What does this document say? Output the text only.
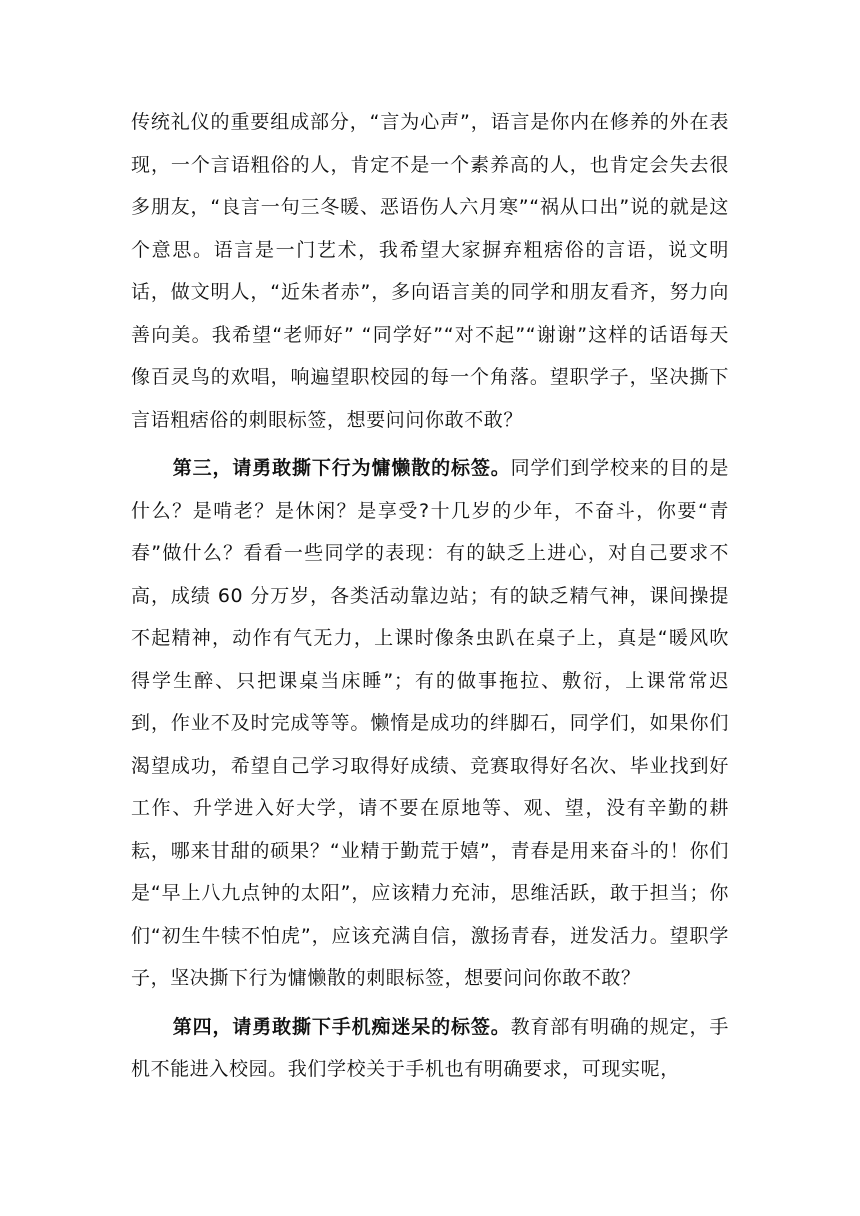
传统礼仪的重要组成部分，“言为心声”，语言是你内在修养的外在表现，一个言语粗俗的人，肯定不是一个素养高的人，也肯定会失去很多朋友，“良言一句三冬暖、恶语伤人六月寒”“祸从口出”说的就是这个意思。语言是一门艺术，我希望大家摒弃粗痞俗的言语，说文明话，做文明人，“近朱者赤”，多向语言美的同学和朋友看齐，努力向善向美。我希望“老师好” “同学好”“对不起”“谢谢”这样的话语每天像百灵鸟的欢唱，响遍望职校园的每一个角落。望职学子，坚决撕下言语粗痞俗的刺眼标签，想要问问你敢不敢？

第三，请勇敢撕下行为慵懒散的标签。同学们到学校来的目的是什么？是啃老？是休闲？是享受?十几岁的少年，不奋斗，你要“青春”做什么？看看一些同学的表现：有的缺乏上进心，对自己要求不高，成绩 60 分万岁，各类活动靠边站；有的缺乏精气神，课间操提不起精神，动作有气无力，上课时像条虫趴在桌子上，真是“暖风吹得学生醉、只把课桌当床睡”；有的做事拖拉、敷衍，上课常常迟到，作业不及时完成等等。懒惰是成功的绊脚石，同学们，如果你们渴望成功，希望自己学习取得好成绩、竞赛取得好名次、毕业找到好工作、升学进入好大学，请不要在原地等、观、望，没有辛勤的耕耘，哪来甘甜的硕果？“业精于勤荒于嬉”，青春是用来奋斗的！你们是“早上八九点钟的太阳”，应该精力充沛，思维活跃，敢于担当；你们“初生牛犊不怕虎”，应该充满自信，激扬青春，迸发活力。望职学子，坚决撕下行为慵懒散的刺眼标签，想要问问你敢不敢？

第四，请勇敢撕下手机痴迷呆的标签。教育部有明确的规定，手机不能进入校园。我们学校关于手机也有明确要求，可现实呢，
